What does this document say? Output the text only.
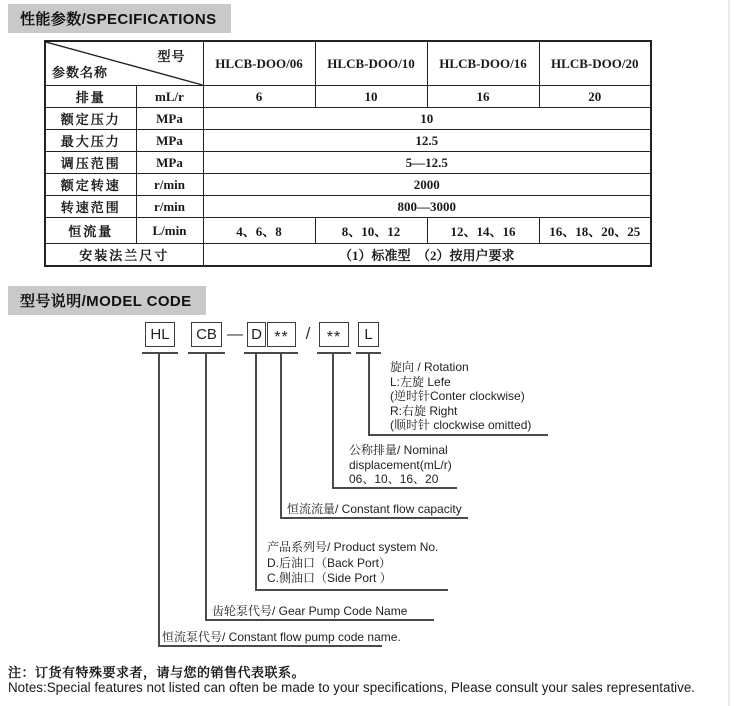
性能参数/SPECIFICATIONS
型号
参数名称		HLCB-DOO/06	HLCB-DOO/10	HLCB-DOO/16	HLCB-DOO/20
排量	mL/r	6	10	16	20
额定压力	MPa	10			
最大压力	MPa	12.5			
调压范围	MPa	5—12.5			
额定转速	r/min	2000			
转速范围	r/min	800—3000			
恒流量	L/min	4、6、8	8、10、12	12、14、16	16、18、20、25
安装法兰尺寸		（1）标准型　（2）按用户要求			
型号说明/MODEL CODE
HL	CB — D ** /	**	L
旋向 / Rotation
L:左旋 Lefe
(逆时针Conter clockwise)
R:右旋 Right
(顺时针 clockwise omitted)
公称排量/ Nominal
displacement(mL/r)
06、10、16、20
恒流流量/ Constant flow capacity
产品系列号/ Product system No.
D.后油口（Back Port）
C.侧油口（Side Port ）
齿轮泵代号/ Gear Pump Code Name
恒流泵代号/ Constant flow pump code name.
注：订货有特殊要求者，请与您的销售代表联系。
Notes:Special features not listed can often be made to your specifications, Please consult your sales representative.
